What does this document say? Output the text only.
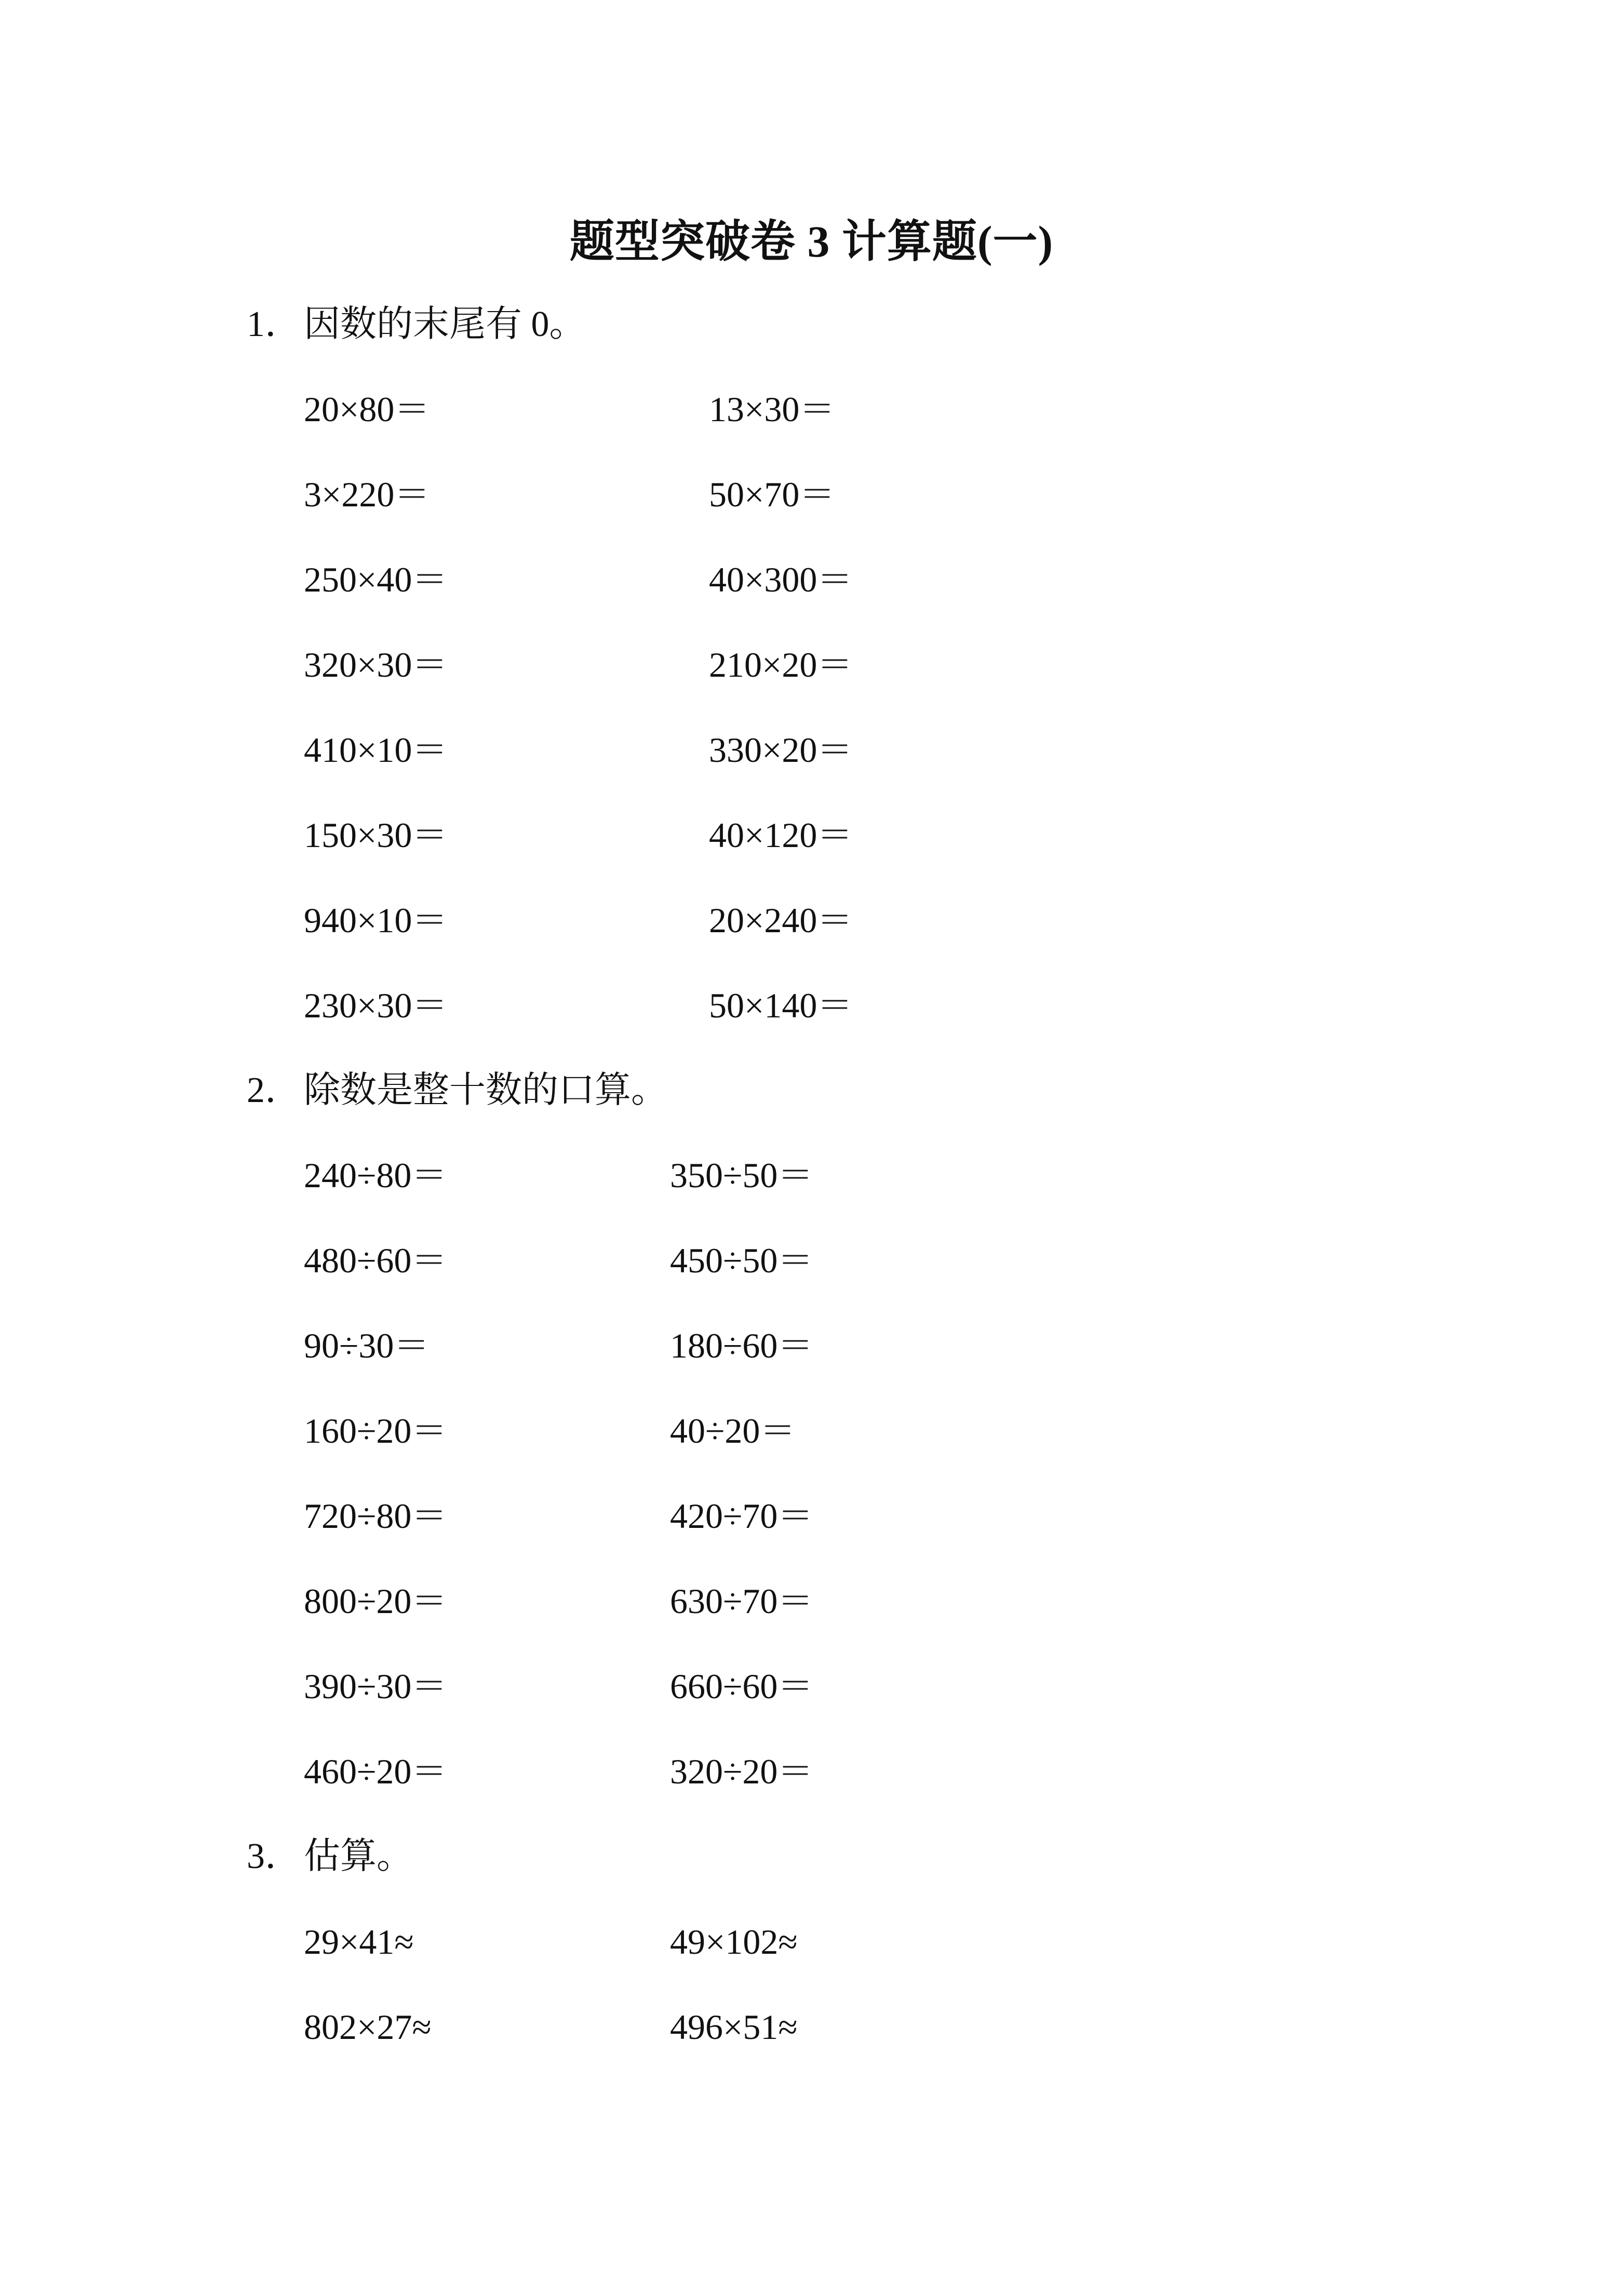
题型突破卷 3 计算题(一)
1．因数的末尾有 0。
20×80＝	13×30＝
3×220＝	50×70＝
250×40＝	40×300＝
320×30＝	210×20＝
410×10＝	330×20＝
150×30＝	40×120＝
940×10＝	20×240＝
230×30＝	50×140＝
2．除数是整十数的口算。
240÷80＝	350÷50＝
480÷60＝	450÷50＝
90÷30＝	180÷60＝
160÷20＝	40÷20＝
720÷80＝	420÷70＝
800÷20＝	630÷70＝
390÷30＝	660÷60＝
460÷20＝	320÷20＝
3．估算。
29×41≈	49×102≈
802×27≈	496×51≈
